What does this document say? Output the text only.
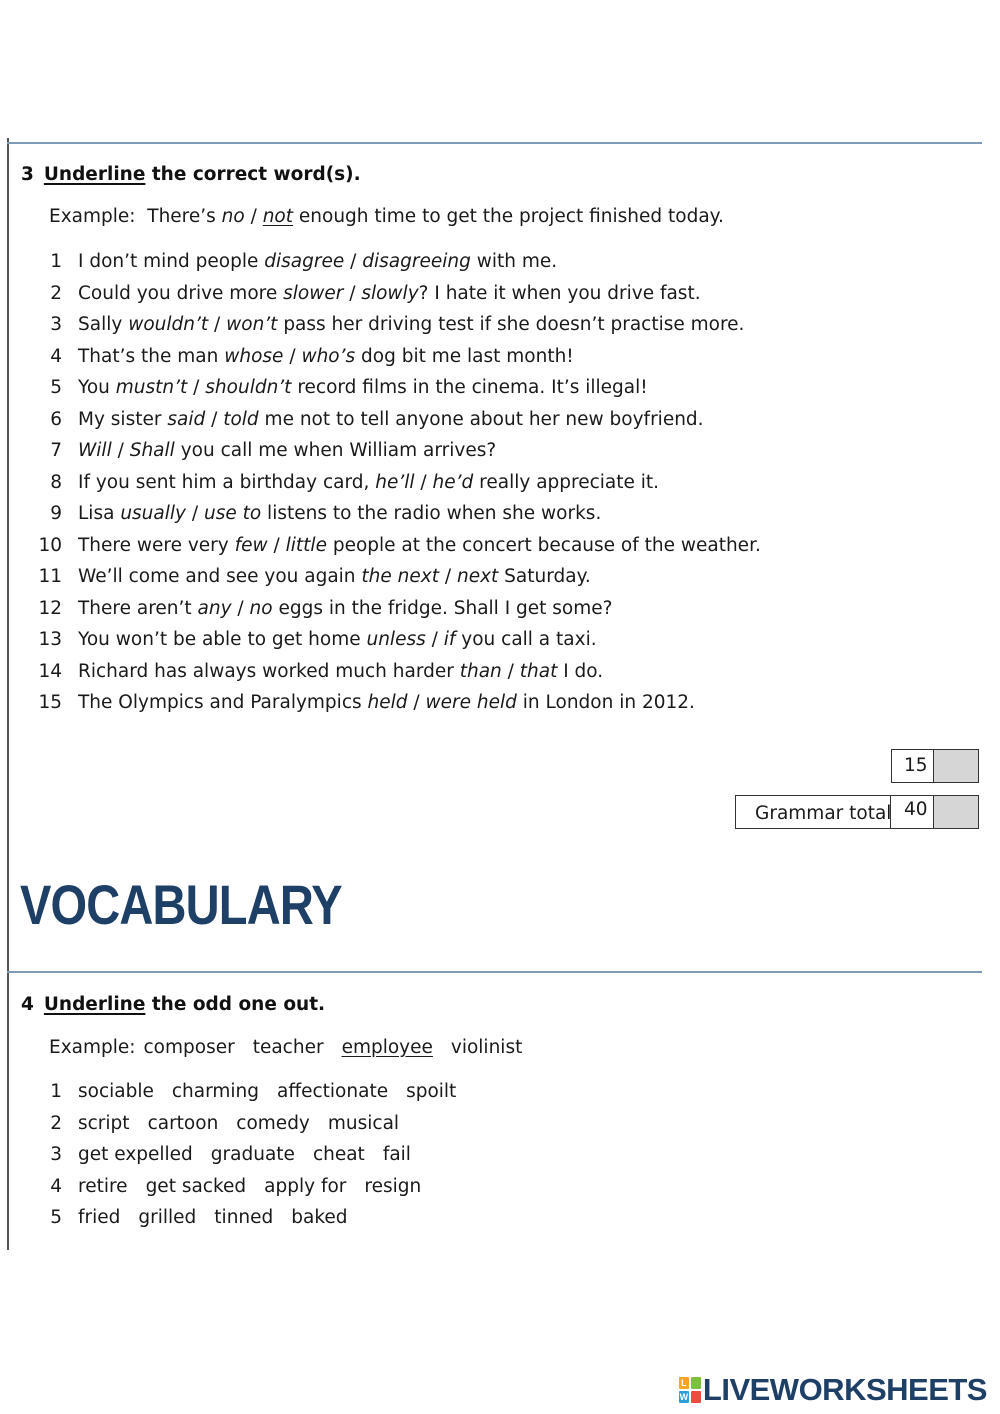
3 Underline the correct word(s).
Example: There’s no / not enough time to get the project finished today.
1 I don’t mind people disagree / disagreeing with me.
2 Could you drive more slower / slowly? I hate it when you drive fast.
3 Sally wouldn’t / won’t pass her driving test if she doesn’t practise more.
4 That’s the man whose / who’s dog bit me last month!
5 You mustn’t / shouldn’t record films in the cinema. It’s illegal!
6 My sister said / told me not to tell anyone about her new boyfriend.
7 Will / Shall you call me when William arrives?
8 If you sent him a birthday card, he’ll / he’d really appreciate it.
9 Lisa usually / use to listens to the radio when she works.
10 There were very few / little people at the concert because of the weather.
11 We’ll come and see you again the next / next Saturday.
12 There aren’t any / no eggs in the fridge. Shall I get some?
13 You won’t be able to get home unless / if you call a taxi.
14 Richard has always worked much harder than / that I do.
15 The Olympics and Paralympics held / were held in London in 2012.
15
Grammar total 40
VOCABULARY
4 Underline the odd one out.
Example: composer teacher employee violinist
1 sociable charming affectionate spoilt
2 script cartoon comedy musical
3 get expelled graduate cheat fail
4 retire get sacked apply for resign
5 fried grilled tinned baked
L
W LIVEWORKSHEETS
